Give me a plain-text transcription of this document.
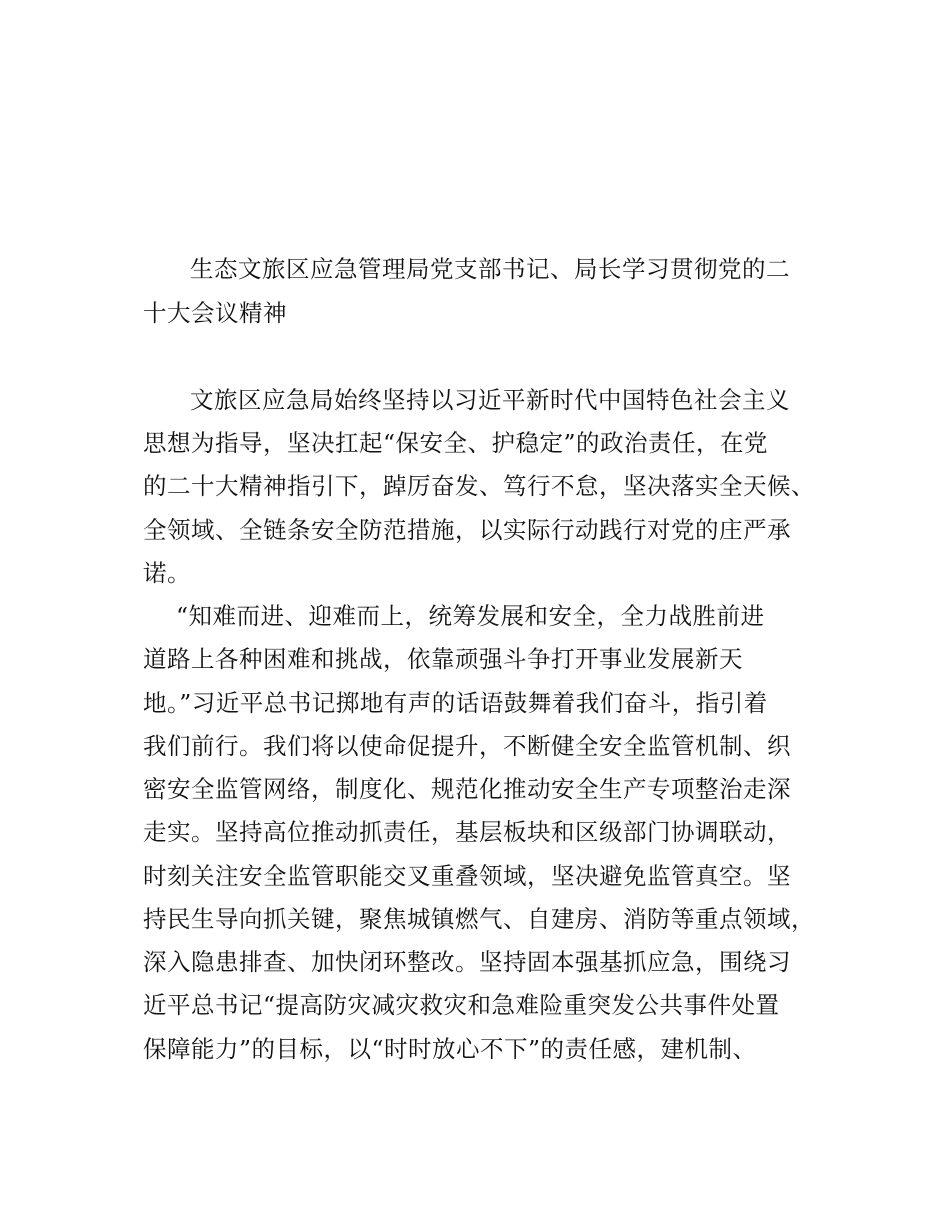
生态文旅区应急管理局党支部书记、局长学习贯彻党的二
十大会议精神
文旅区应急局始终坚持以习近平新时代中国特色社会主义
思想为指导，坚决扛起“保安全、护稳定”的政治责任，在党
的二十大精神指引下，踔厉奋发、笃行不怠，坚决落实全天候、
全领域、全链条安全防范措施，以实际行动践行对党的庄严承
诺。
“知难而进、迎难而上，统筹发展和安全，全力战胜前进
道路上各种困难和挑战，依靠顽强斗争打开事业发展新天
地。”习近平总书记掷地有声的话语鼓舞着我们奋斗，指引着
我们前行。我们将以使命促提升，不断健全安全监管机制、织
密安全监管网络，制度化、规范化推动安全生产专项整治走深
走实。坚持高位推动抓责任，基层板块和区级部门协调联动，
时刻关注安全监管职能交叉重叠领域，坚决避免监管真空。坚
持民生导向抓关键，聚焦城镇燃气、自建房、消防等重点领域，
深入隐患排查、加快闭环整改。坚持固本强基抓应急，围绕习
近平总书记“提高防灾减灾救灾和急难险重突发公共事件处置
保障能力”的目标，以“时时放心不下”的责任感，建机制、
